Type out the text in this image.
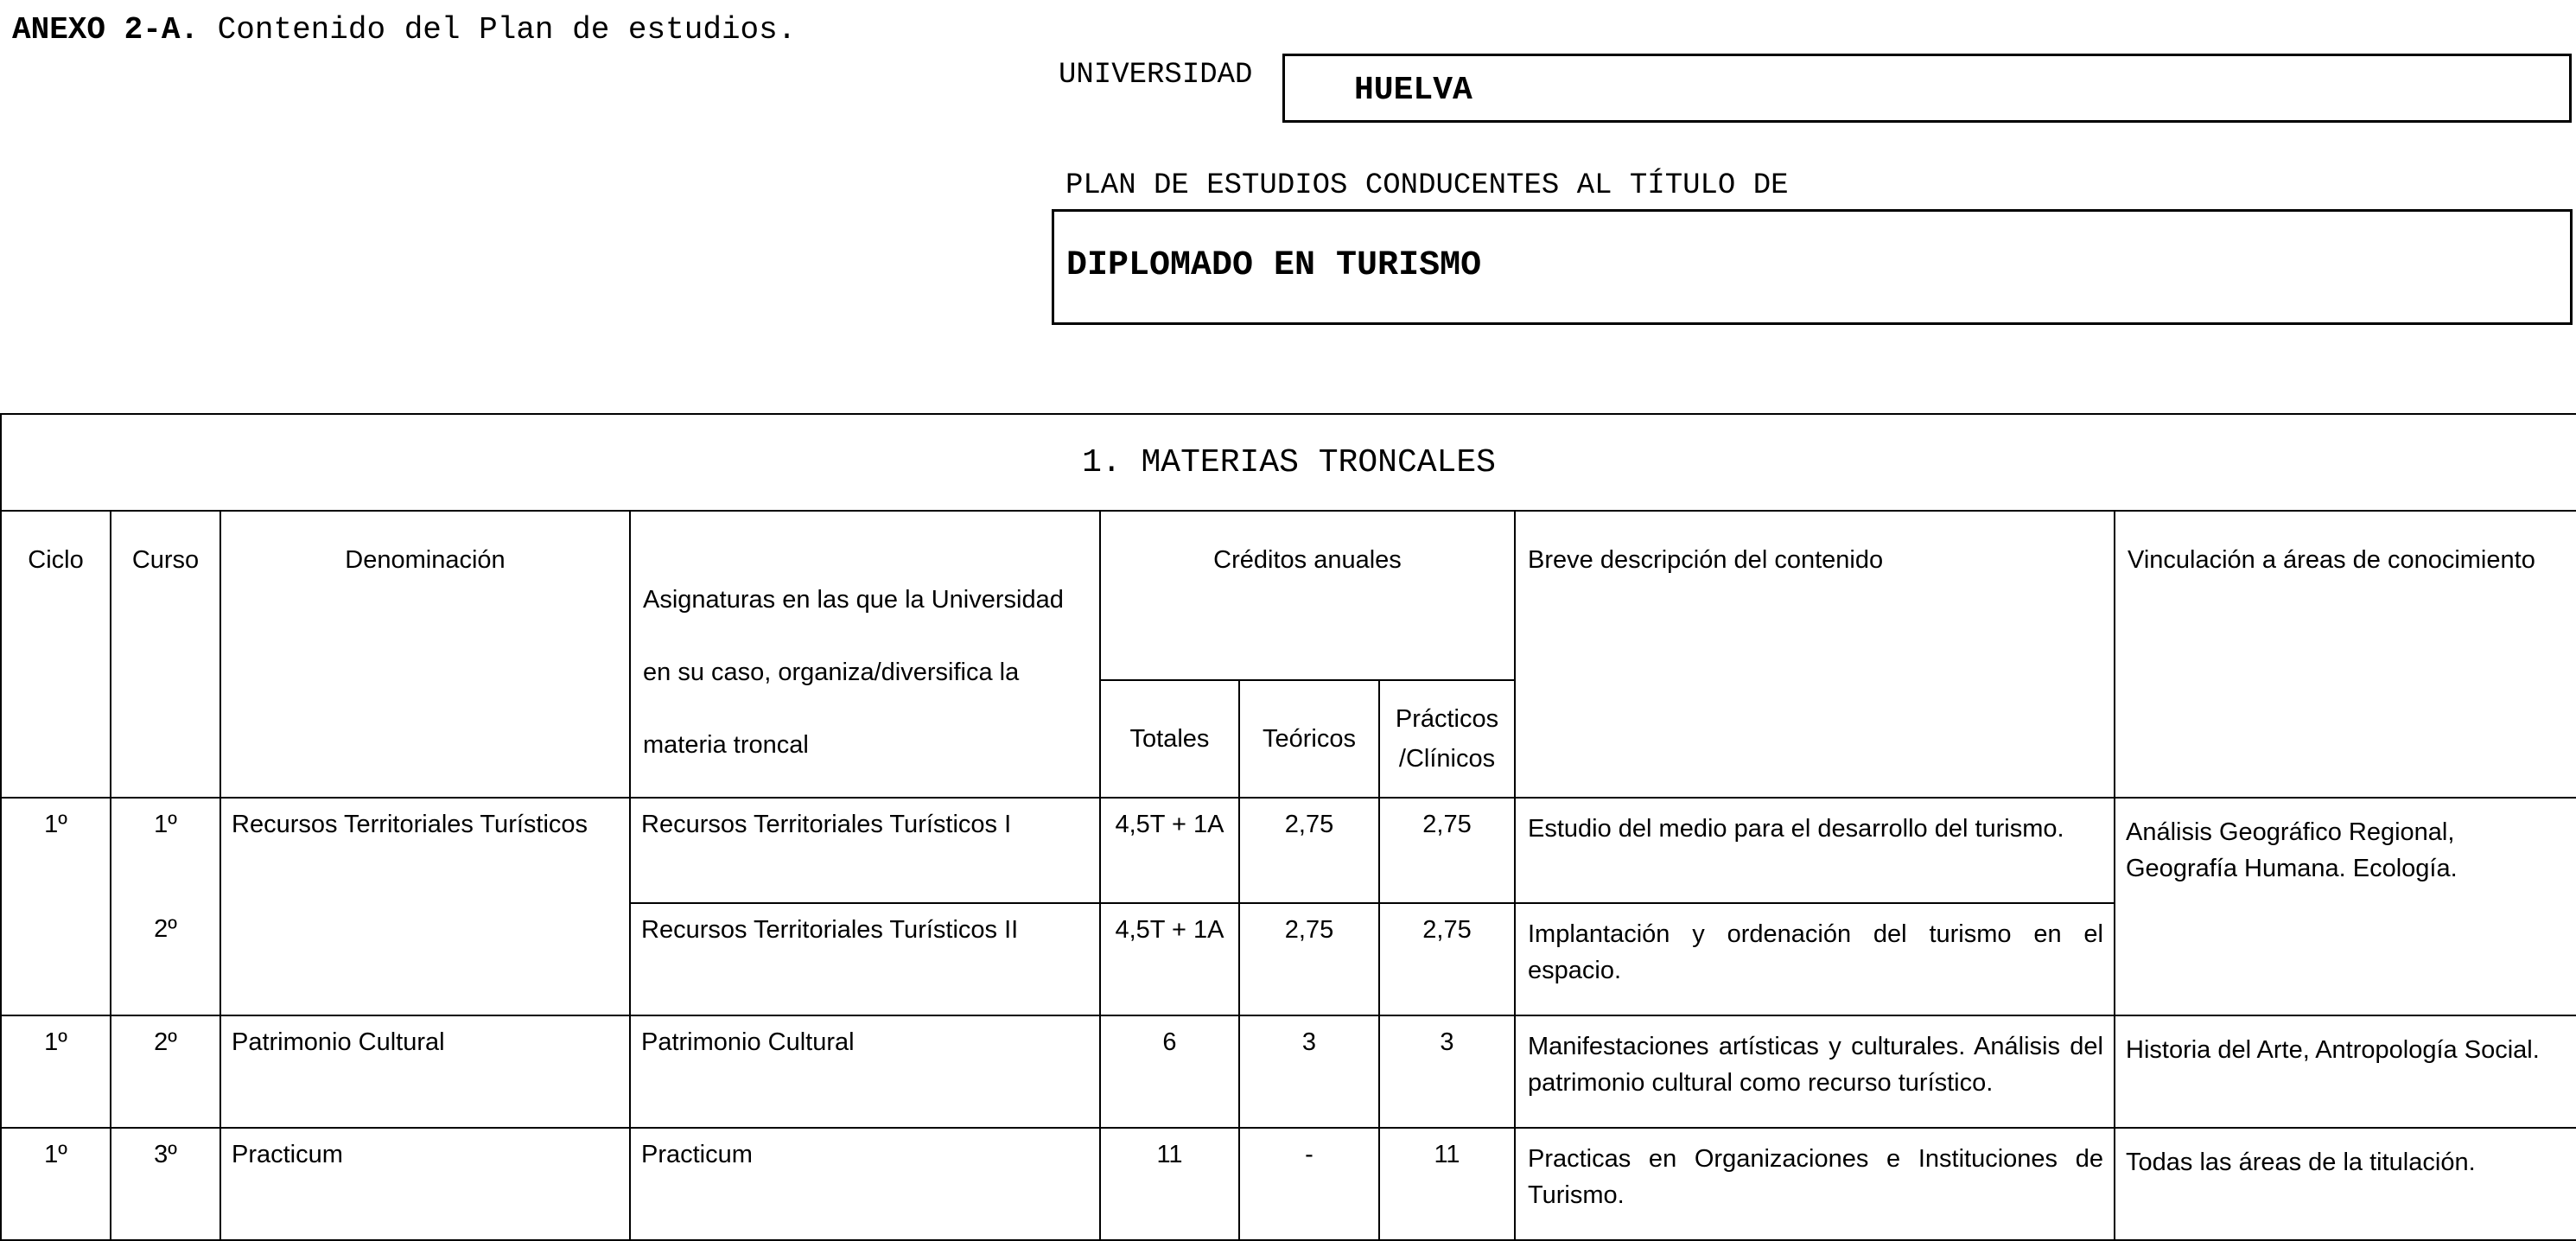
ANEXO 2-A. Contenido del Plan de estudios.
UNIVERSIDAD	HUELVA
PLAN DE ESTUDIOS CONDUCENTES AL TÍTULO DE
DIPLOMADO EN TURISMO
1. MATERIAS TRONCALES								
Ciclo	Curso	Denominación	Asignaturas en las que la Universidad en su caso, organiza/diversifica la materia troncal	Créditos anuales			Breve descripción del contenido	Vinculación a áreas de conocimiento
				Totales	Teóricos	Prácticos /Clínicos		
1º	1º	Recursos Territoriales Turísticos	Recursos Territoriales Turísticos I	4,5T + 1A	2,75	2,75	Estudio del medio para el desarrollo del turismo.	Análisis Geográfico Regional, Geografía Humana. Ecología.
	2º		Recursos Territoriales Turísticos II	4,5T + 1A	2,75	2,75	Implantación y ordenación del turismo en el espacio.	
1º	2º	Patrimonio Cultural	Patrimonio Cultural	6	3	3	Manifestaciones artísticas y culturales. Análisis del patrimonio cultural como recurso turístico.	Historia del Arte, Antropología Social.
1º	3º	Practicum	Practicum	11	-	11	Practicas en Organizaciones e Instituciones de Turismo.	Todas las áreas de la titulación.
